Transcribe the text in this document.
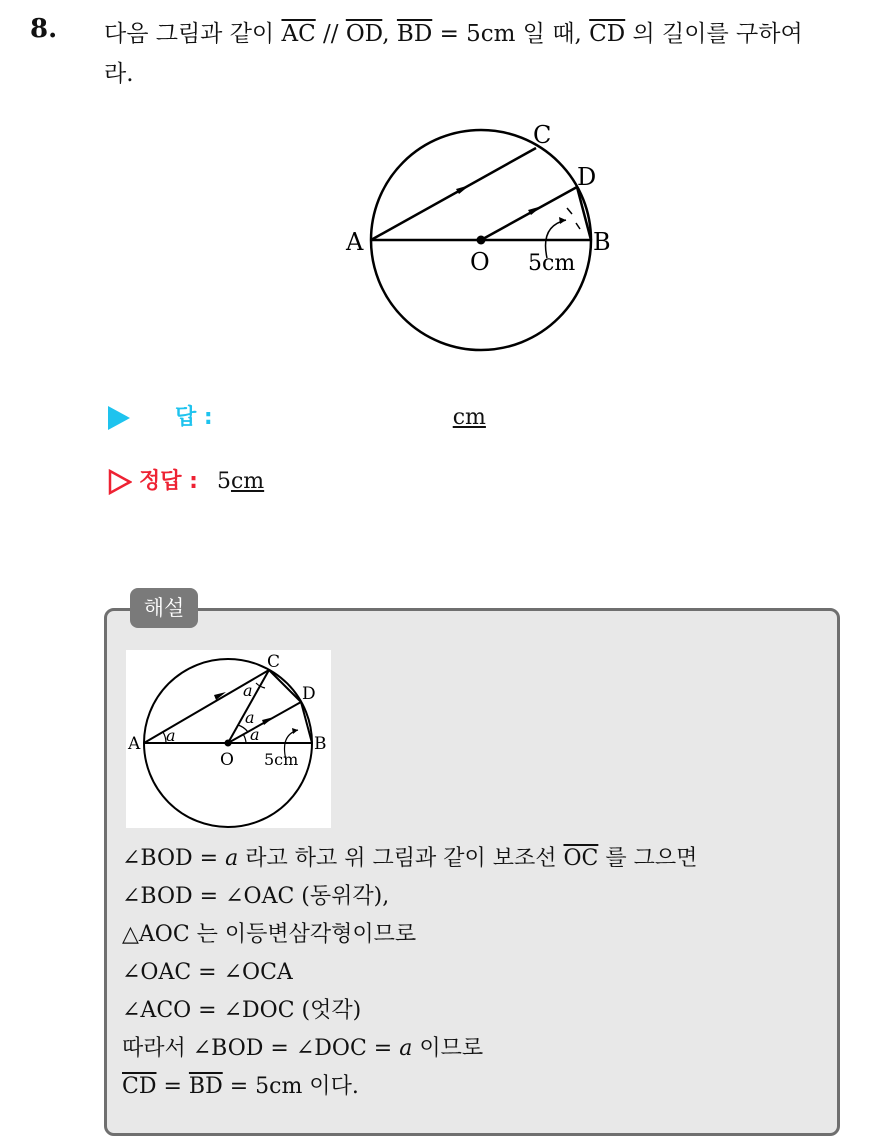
8. 다음 그림과 같이 $\overline{AC} // \overline{OD}$, $\overline{BD} = 5cm$ 일 때, $\overline{CD}$ 의 길이를 구하여
라.
A	B
C
D
O 5cm
답 :	cm
정답 : 5cm
해설
A	B
C
D
O 5cm
a
a
a
a
∠BOD = a 라고 하고 위 그림과 같이 보조선 $\overline{OC}$ 를 그으면
∠BOD = ∠OAC (동위각),
△AOC 는 이등변삼각형이므로
∠OAC = ∠OCA
∠ACO = ∠DOC (엇각)
따라서 ∠BOD = ∠DOC = a 이므로
$\overline{CD} = \overline{BD} = 5cm$ 이다.
